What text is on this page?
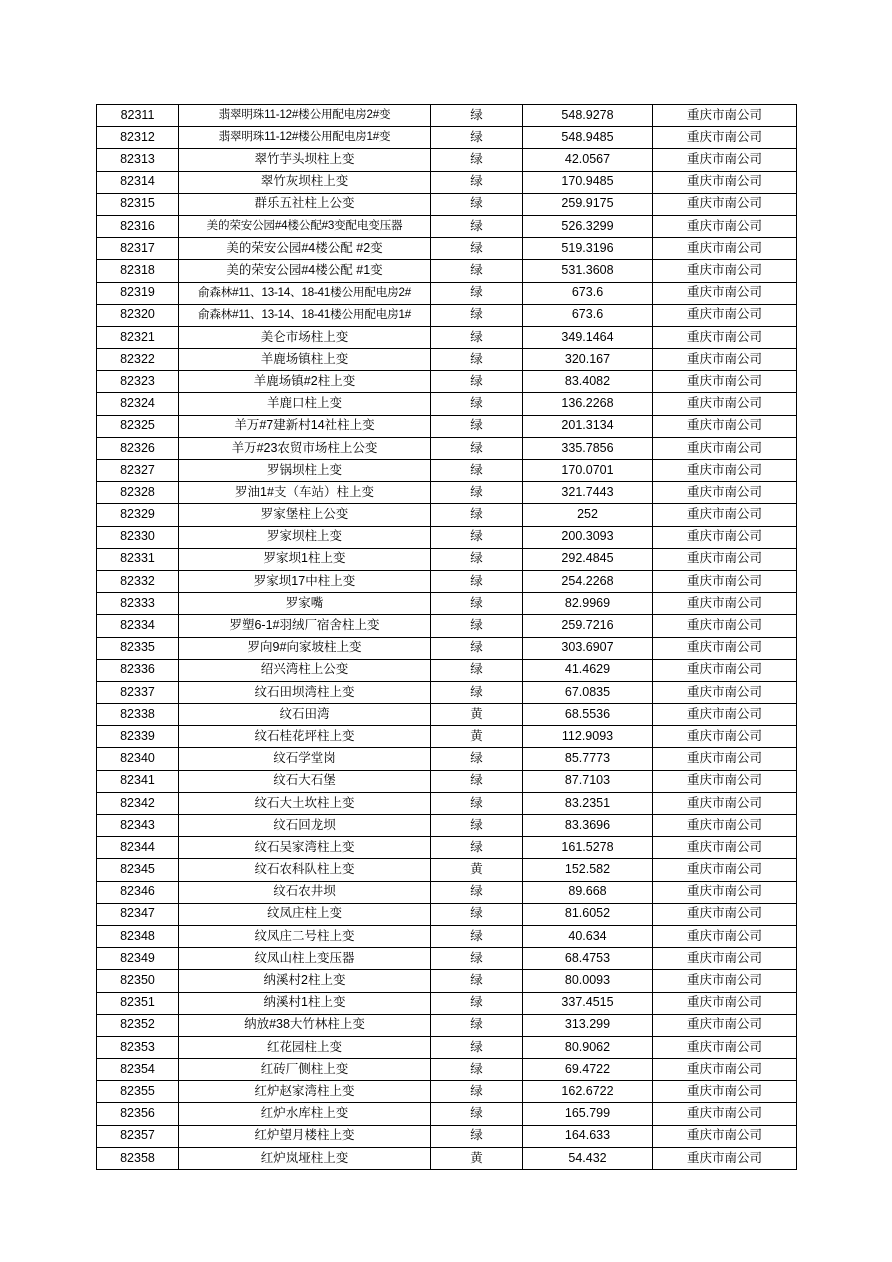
82311	翡翠明珠11-12#楼公用配电房2#变	绿	548.9278	重庆市南公司
82312	翡翠明珠11-12#楼公用配电房1#变	绿	548.9485	重庆市南公司
82313	翠竹芋头坝柱上变	绿	42.0567	重庆市南公司
82314	翠竹灰坝柱上变	绿	170.9485	重庆市南公司
82315	群乐五社柱上公变	绿	259.9175	重庆市南公司
82316	美的荣安公园#4楼公配#3变配电变压器	绿	526.3299	重庆市南公司
82317	美的荣安公园#4楼公配 #2变	绿	519.3196	重庆市南公司
82318	美的荣安公园#4楼公配 #1变	绿	531.3608	重庆市南公司
82319	俞森林#11、13-14、18-41楼公用配电房2#	绿	673.6	重庆市南公司
82320	俞森林#11、13-14、18-41楼公用配电房1#	绿	673.6	重庆市南公司
82321	美仑市场柱上变	绿	349.1464	重庆市南公司
82322	羊鹿场镇柱上变	绿	320.167	重庆市南公司
82323	羊鹿场镇#2柱上变	绿	83.4082	重庆市南公司
82324	羊鹿口柱上变	绿	136.2268	重庆市南公司
82325	羊万#7建新村14社柱上变	绿	201.3134	重庆市南公司
82326	羊万#23农贸市场柱上公变	绿	335.7856	重庆市南公司
82327	罗锅坝柱上变	绿	170.0701	重庆市南公司
82328	罗油1#支（车站）柱上变	绿	321.7443	重庆市南公司
82329	罗家堡柱上公变	绿	252	重庆市南公司
82330	罗家坝柱上变	绿	200.3093	重庆市南公司
82331	罗家坝1柱上变	绿	292.4845	重庆市南公司
82332	罗家坝17中柱上变	绿	254.2268	重庆市南公司
82333	罗家嘴	绿	82.9969	重庆市南公司
82334	罗塑6-1#羽绒厂宿舍柱上变	绿	259.7216	重庆市南公司
82335	罗向9#向家坡柱上变	绿	303.6907	重庆市南公司
82336	绍兴湾柱上公变	绿	41.4629	重庆市南公司
82337	纹石田坝湾柱上变	绿	67.0835	重庆市南公司
82338	纹石田湾	黄	68.5536	重庆市南公司
82339	纹石桂花坪柱上变	黄	112.9093	重庆市南公司
82340	纹石学堂岗	绿	85.7773	重庆市南公司
82341	纹石大石堡	绿	87.7103	重庆市南公司
82342	纹石大土坎柱上变	绿	83.2351	重庆市南公司
82343	纹石回龙坝	绿	83.3696	重庆市南公司
82344	纹石吴家湾柱上变	绿	161.5278	重庆市南公司
82345	纹石农科队柱上变	黄	152.582	重庆市南公司
82346	纹石农井坝	绿	89.668	重庆市南公司
82347	纹凤庄柱上变	绿	81.6052	重庆市南公司
82348	纹凤庄二号柱上变	绿	40.634	重庆市南公司
82349	纹凤山柱上变压器	绿	68.4753	重庆市南公司
82350	纳溪村2柱上变	绿	80.0093	重庆市南公司
82351	纳溪村1柱上变	绿	337.4515	重庆市南公司
82352	纳放#38大竹林柱上变	绿	313.299	重庆市南公司
82353	红花园柱上变	绿	80.9062	重庆市南公司
82354	红砖厂侧柱上变	绿	69.4722	重庆市南公司
82355	红炉赵家湾柱上变	绿	162.6722	重庆市南公司
82356	红炉水库柱上变	绿	165.799	重庆市南公司
82357	红炉望月楼柱上变	绿	164.633	重庆市南公司
82358	红炉岚垭柱上变	黄	54.432	重庆市南公司
